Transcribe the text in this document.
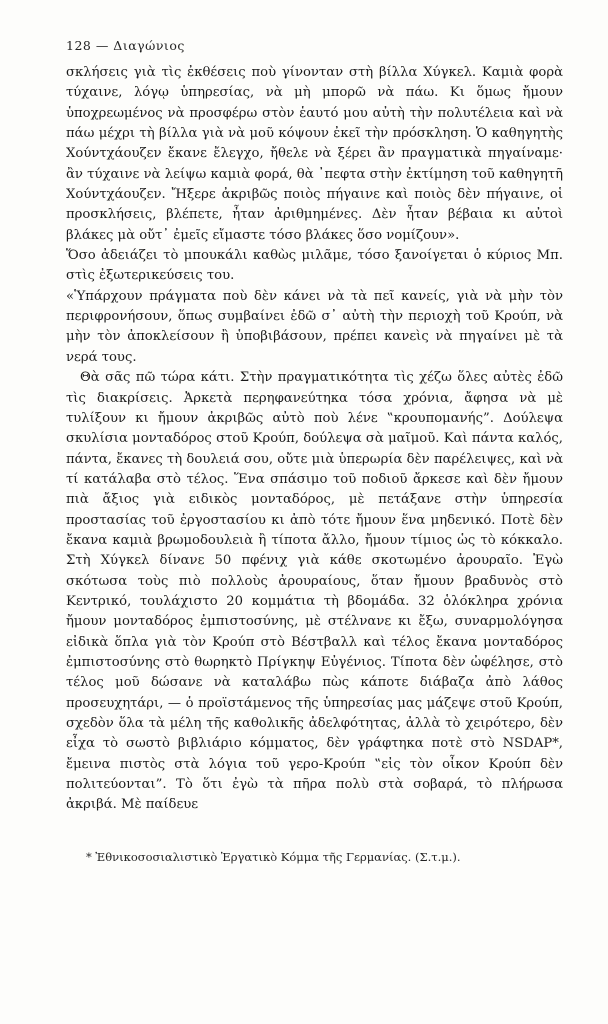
128 — Διαγώνιος

σκλήσεις γιὰ τὶς ἐκθέσεις ποὺ γίνονταν στὴ βίλλα Χύγκελ. Καμιὰ φορὰ τύχαινε, λόγῳ ὑπηρεσίας, νὰ μὴ μπορῶ νὰ πάω. Κι ὅμως ἤμουν ὑποχρεωμένος νὰ προσφέρω στὸν ἑαυτό μου αὐτὴ τὴν πολυτέλεια καὶ νὰ πάω μέχρι τὴ βίλλα γιὰ νὰ μοῦ κόψουν ἐκεῖ τὴν πρόσκληση. Ὁ καθηγητὴς Χούντχάουζεν ἔκανε ἔλεγχο, ἤθελε νὰ ξέρει ἂν πραγματικὰ πηγαίναμε· ἂν τύχαινε νὰ λείψω καμιὰ φορά, θὰ ᾽πεφτα στὴν ἐκτίμηση τοῦ καθηγητῆ Χούντχάουζεν. Ἤξερε ἀκριβῶς ποιὸς πήγαινε καὶ ποιὸς δὲν πήγαινε, οἱ προσκλήσεις, βλέπετε, ἦταν ἀριθμημένες. Δὲν ἦταν βέβαια κι αὐτοὶ βλάκες μὰ οὔτ᾽ ἐμεῖς εἴμαστε τόσο βλάκες ὅσο νομίζουν».

Ὅσο ἀδειάζει τὸ μπουκάλι καθὼς μιλᾶμε, τόσο ξανοίγεται ὁ κύριος Μπ. στὶς ἐξωτερικεύσεις του.

«Ὑπάρχουν πράγματα ποὺ δὲν κάνει νὰ τὰ πεῖ κανείς, γιὰ νὰ μὴν τὸν περιφρονήσουν, ὅπως συμβαίνει ἐδῶ σ᾽ αὐτὴ τὴν περιοχὴ τοῦ Κρούπ, νὰ μὴν τὸν ἀποκλείσουν ἢ ὑποβιβάσουν, πρέπει κανεὶς νὰ πηγαίνει μὲ τὰ νερά τους.

Θὰ σᾶς πῶ τώρα κάτι. Στὴν πραγματικότητα τὶς χέζω ὅλες αὐτὲς ἐδῶ τὶς διακρίσεις. Ἀρκετὰ περηφανεύτηκα τόσα χρόνια, ἄφησα νὰ μὲ τυλίξουν κι ἤμουν ἀκριβῶς αὐτὸ ποὺ λένε ‟κρουπομανής”. Δούλεψα σκυλίσια μονταδόρος στοῦ Κρούπ, δούλεψα σὰ μαῖμοῦ. Καὶ πάντα καλός, πάντα, ἔκανες τὴ δουλειά σου, οὔτε μιὰ ὑπερωρία δὲν παρέλειψες, καὶ νὰ τί κατάλαβα στὸ τέλος. Ἕνα σπάσιμο τοῦ ποδιοῦ ἄρκεσε καὶ δὲν ἤμουν πιὰ ἄξιος γιὰ ειδικὸς μονταδόρος, μὲ πετάξανε στὴν ὑπηρεσία προστασίας τοῦ ἐργοστασίου κι ἀπὸ τότε ἤμουν ἕνα μηδενικό. Ποτὲ δὲν ἔκανα καμιὰ βρωμοδουλειὰ ἢ τίποτα ἄλλο, ἤμουν τίμιος ὡς τὸ κόκκαλο. Στὴ Χύγκελ δίνανε 50 πφένιχ γιὰ κάθε σκοτωμένο ἀρουραῖο. Ἐγὼ σκότωσα τοὺς πιὸ πολλοὺς ἀρουραίους, ὅταν ἤμουν βραδυνὸς στὸ Κεντρικό, τουλάχιστο 20 κομμάτια τὴ βδομάδα. 32 ὁλόκληρα χρόνια ἤμουν μονταδόρος ἐμπιστοσύνης, μὲ στέλνανε κι ἔξω, συναρμολόγησα εἰδικὰ ὅπλα γιὰ τὸν Κρούπ στὸ Βέστβαλλ καὶ τέλος ἔκανα μονταδόρος ἐμπιστοσύνης στὸ θωρηκτὸ Πρίγκηψ Εὐγένιος. Τίποτα δὲν ὠφέλησε, στὸ τέλος μοῦ δώσανε νὰ καταλάβω πὼς κάποτε διάβαζα ἀπὸ λάθος προσευχητάρι, — ὁ προϊστάμενος τῆς ὑπηρεσίας μας μάζεψε στοῦ Κρούπ, σχεδὸν ὅλα τὰ μέλη τῆς καθολικῆς ἀδελφότητας, ἀλλὰ τὸ χειρότερο, δὲν εἶχα τὸ σωστὸ βιβλιάριο κόμματος, δὲν γράφτηκα ποτὲ στὸ NSDAP*, ἔμεινα πιστὸς στὰ λόγια τοῦ γερο-Κρούπ ‟εἰς τὸν οἶκον Κρούπ δὲν πολιτεύονται”. Τὸ ὅτι ἐγὼ τὰ πῆρα πολὺ στὰ σοβαρά, τὸ πλήρωσα ἀκριβά. Μὲ παίδευε

* Ἐθνικοσοσιαλιστικὸ Ἐργατικὸ Κόμμα τῆς Γερμανίας. (Σ.τ.μ.).
